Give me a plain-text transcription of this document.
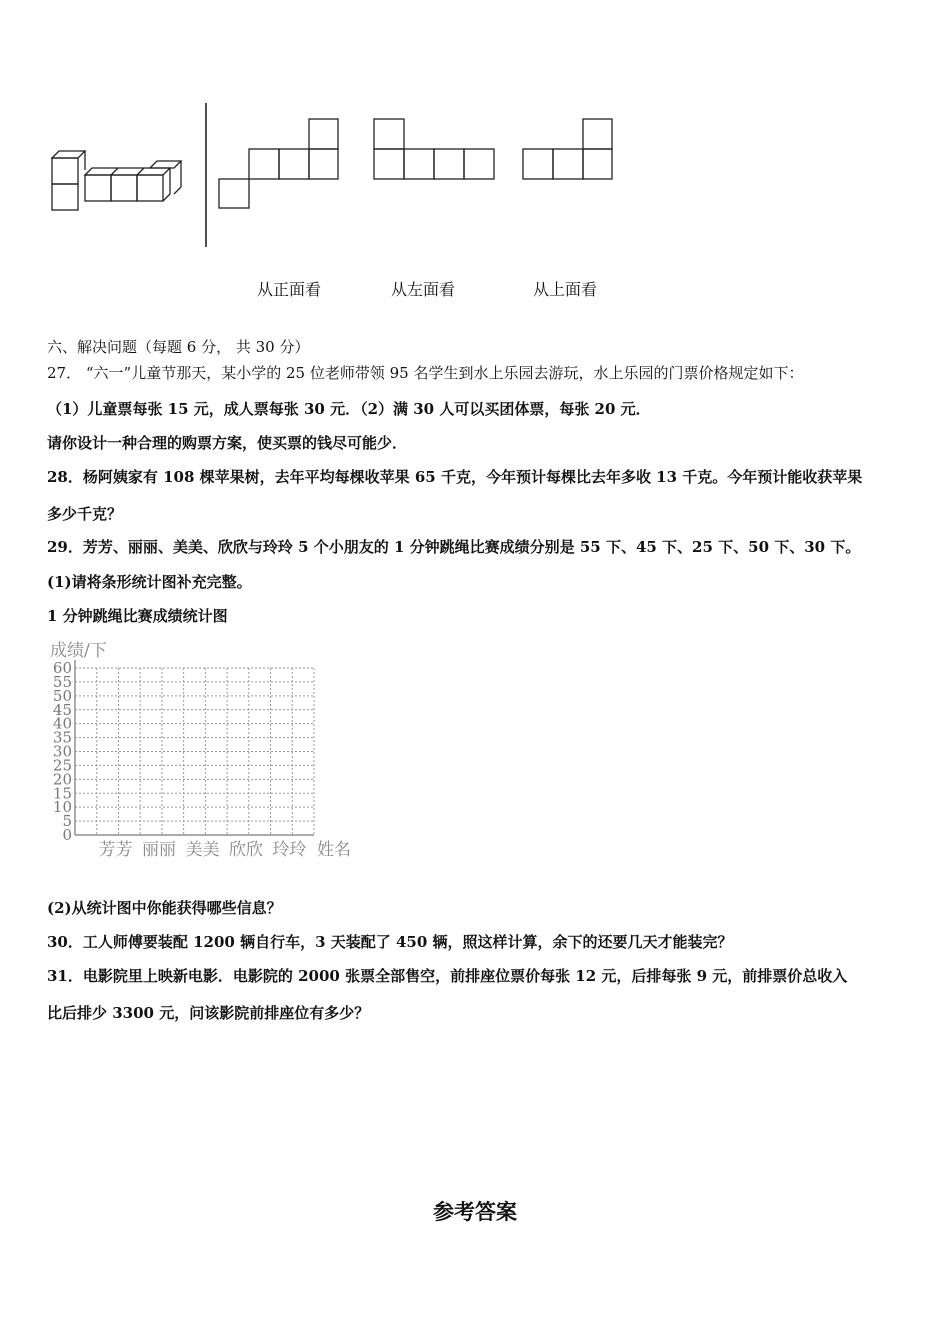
从正面看	从左面看	从上面看
六、解决问题（每题 6 分， 共 30 分）
27． “六一”儿童节那天，某小学的 25 位老师带领 95 名学生到水上乐园去游玩，水上乐园的门票价格规定如下：
（1）儿童票每张 15 元，成人票每张 30 元．（2）满 30 人可以买团体票，每张 20 元．
请你设计一种合理的购票方案，使买票的钱尽可能少．
28．杨阿姨家有 108 棵苹果树，去年平均每棵收苹果 65 千克，今年预计每棵比去年多收 13 千克。今年预计能收获苹果
多少千克？
29．芳芳、丽丽、美美、欣欣与玲玲 5 个小朋友的 1 分钟跳绳比赛成绩分别是 55 下、45 下、25 下、50 下、30 下。
(1)请将条形统计图补充完整。
1 分钟跳绳比赛成绩统计图
0
5
10
15
20
25
30
35
40
45
50
55
60
成绩/下
芳芳 丽丽 美美 欣欣 玲玲 姓名
(2)从统计图中你能获得哪些信息？
30．工人师傅要装配 1200 辆自行车，3 天装配了 450 辆，照这样计算，余下的还要几天才能装完？
31．电影院里上映新电影．电影院的 2000 张票全部售空，前排座位票价每张 12 元，后排每张 9 元，前排票价总收入
比后排少 3300 元，问该影院前排座位有多少？
参考答案
